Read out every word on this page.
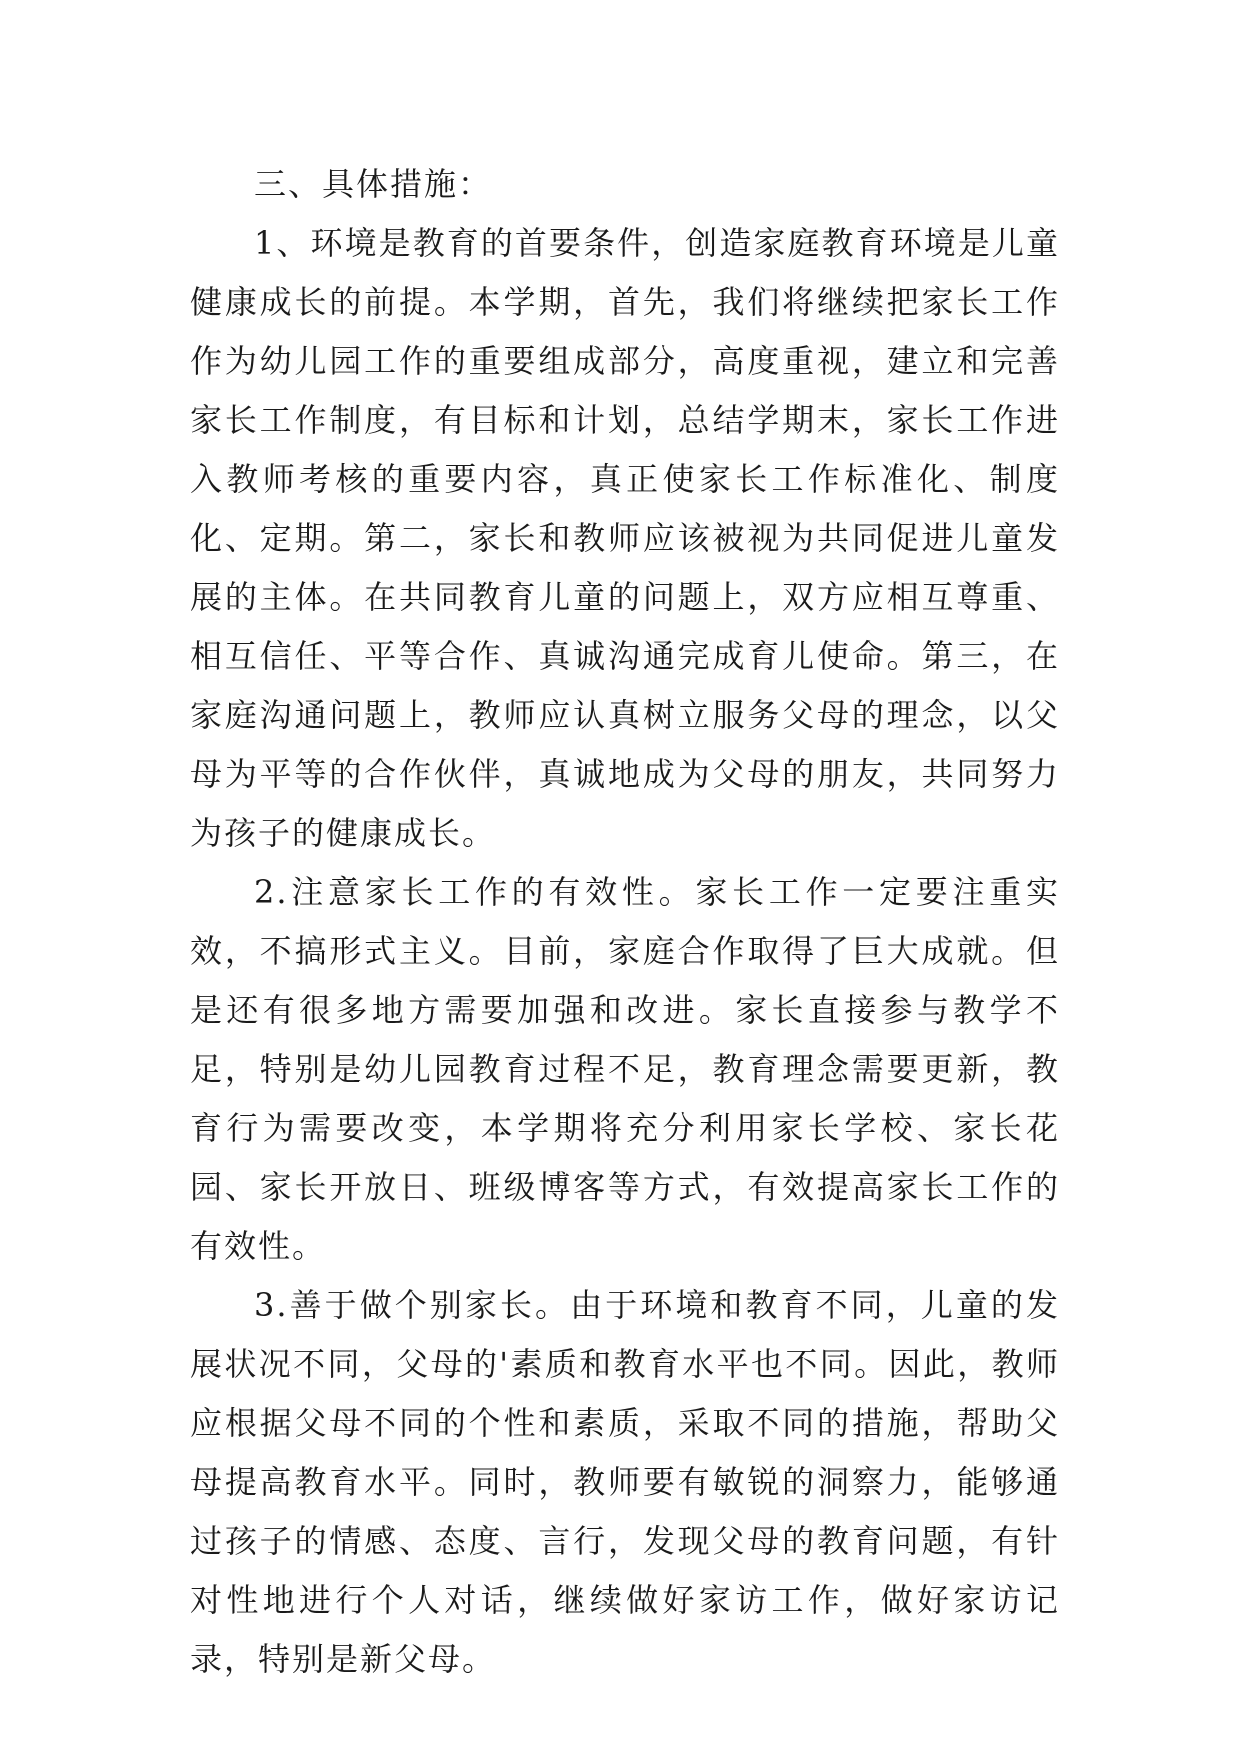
三、具体措施：

1、环境是教育的首要条件，创造家庭教育环境是儿童健康成长的前提。本学期，首先，我们将继续把家长工作作为幼儿园工作的重要组成部分，高度重视，建立和完善家长工作制度，有目标和计划，总结学期末，家长工作进入教师考核的重要内容，真正使家长工作标准化、制度化、定期。第二，家长和教师应该被视为共同促进儿童发展的主体。在共同教育儿童的问题上，双方应相互尊重、相互信任、平等合作、真诚沟通完成育儿使命。第三，在家庭沟通问题上，教师应认真树立服务父母的理念，以父母为平等的合作伙伴，真诚地成为父母的朋友，共同努力为孩子的健康成长。

2.注意家长工作的有效性。家长工作一定要注重实效，不搞形式主义。目前，家庭合作取得了巨大成就。但是还有很多地方需要加强和改进。家长直接参与教学不足，特别是幼儿园教育过程不足，教育理念需要更新，教育行为需要改变，本学期将充分利用家长学校、家长花园、家长开放日、班级博客等方式，有效提高家长工作的有效性。

3.善于做个别家长。由于环境和教育不同，儿童的发展状况不同，父母的'素质和教育水平也不同。因此，教师应根据父母不同的个性和素质，采取不同的措施，帮助父母提高教育水平。同时，教师要有敏锐的洞察力，能够通过孩子的情感、态度、言行，发现父母的教育问题，有针对性地进行个人对话，继续做好家访工作，做好家访记录，特别是新父母。
